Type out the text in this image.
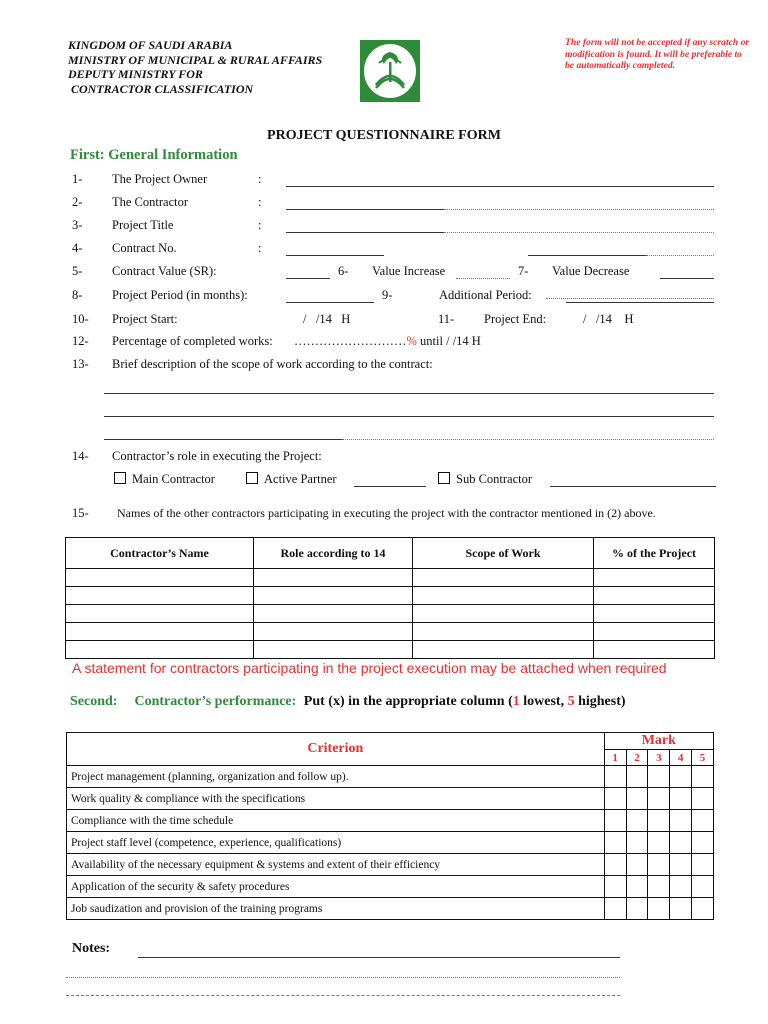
KINGDOM OF SAUDI ARABIA
MINISTRY OF MUNICIPAL & RURAL AFFAIRS
DEPUTY MINISTRY FOR
CONTRACTOR CLASSIFICATION
The form will not be accepted if any scratch or modification is found. It will be preferable to be automatically completed.
PROJECT QUESTIONNAIRE FORM
First: General Information
1- The Project Owner	:
2- The Contractor	:
3- Project Title	:
4- Contract No.	:
5- Contract Value (SR):	6- Value Increase	7- Value Decrease
8- Project Period (in months):	9-	Additional Period:
10- Project Start:	/   /14   H	11- Project End:	/   /14    H
12- Percentage of completed works: ………………………% until / /14 H
13- Brief description of the scope of work according to the contract:
14- Contractor’s role in executing the Project:
Main Contractor	Active Partner	Sub Contractor
15- Names of the other contractors participating in executing the project with the contractor mentioned in (2) above.
Contractor’s Name	Role according to 14	Scope of Work	% of the Project

A statement for contractors participating in the project execution may be attached when required
Second: Contractor’s performance: Put (x) in the appropriate column (1 lowest, 5 highest)
Criterion	Mark				
	1	2	3	4	5
Project management (planning, organization and follow up).					
Work quality & compliance with the specifications					
Compliance with the time schedule					
Project staff level (competence, experience, qualifications)					
Availability of the necessary equipment & systems and extent of their efficiency					
Application of the security & safety procedures					
Job saudization and provision of the training programs					
Notes:
